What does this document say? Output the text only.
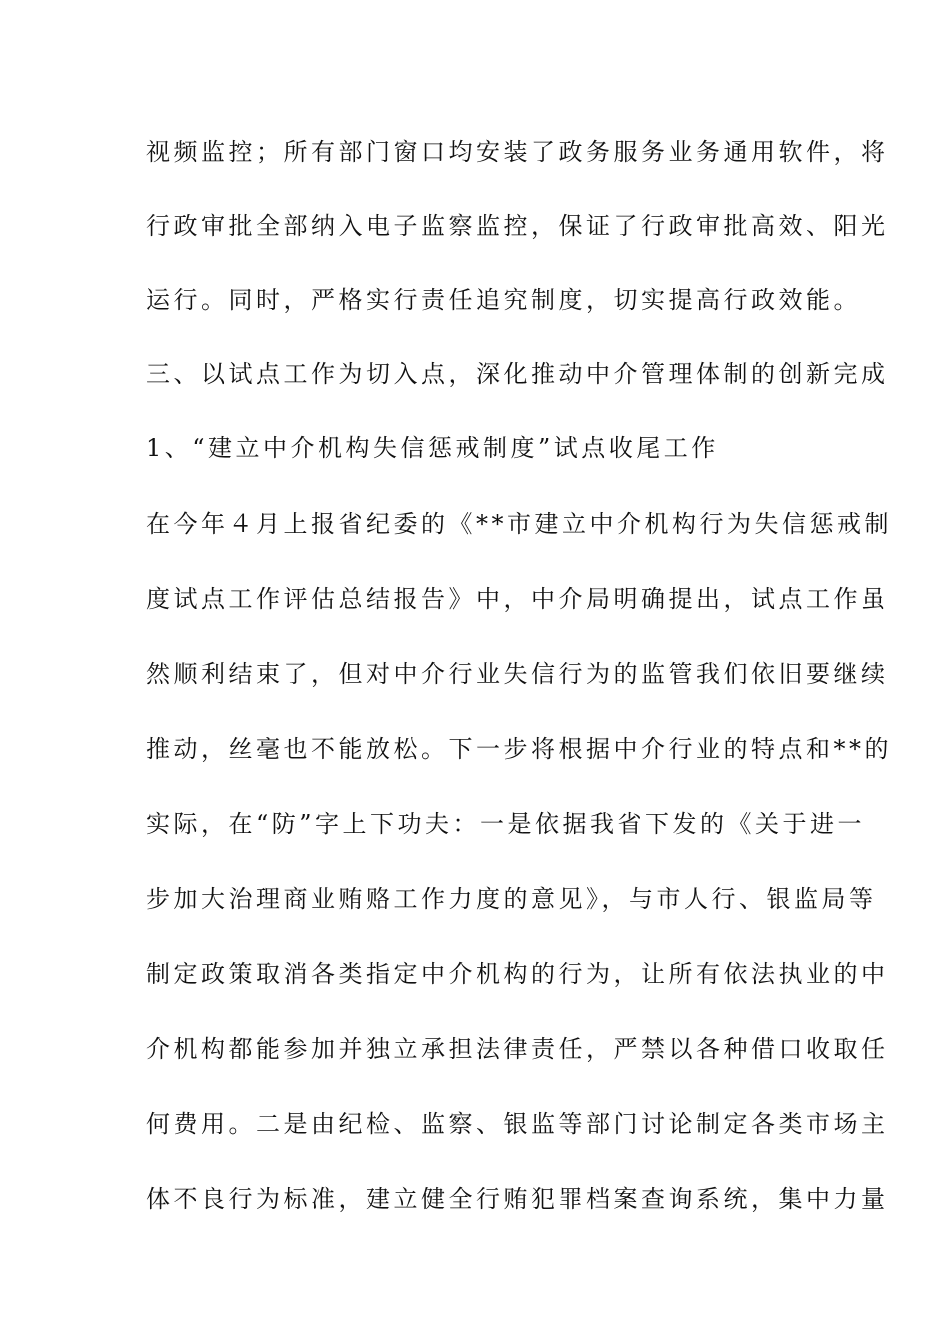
视频监控；所有部门窗口均安装了政务服务业务通用软件，将
行政审批全部纳入电子监察监控，保证了行政审批高效、阳光
运行。同时，严格实行责任追究制度，切实提高行政效能。
三、以试点工作为切入点，深化推动中介管理体制的创新完成
1、“建立中介机构失信惩戒制度”试点收尾工作
在今年４月上报省纪委的《**市建立中介机构行为失信惩戒制
度试点工作评估总结报告》中，中介局明确提出，试点工作虽
然顺利结束了，但对中介行业失信行为的监管我们依旧要继续
推动，丝毫也不能放松。下一步将根据中介行业的特点和**的
实际，在“防”字上下功夫：一是依据我省下发的《关于进一
步加大治理商业贿赂工作力度的意见》，与市人行、银监局等
制定政策取消各类指定中介机构的行为，让所有依法执业的中
介机构都能参加并独立承担法律责任，严禁以各种借口收取任
何费用。二是由纪检、监察、银监等部门讨论制定各类市场主
体不良行为标准，建立健全行贿犯罪档案查询系统，集中力量
